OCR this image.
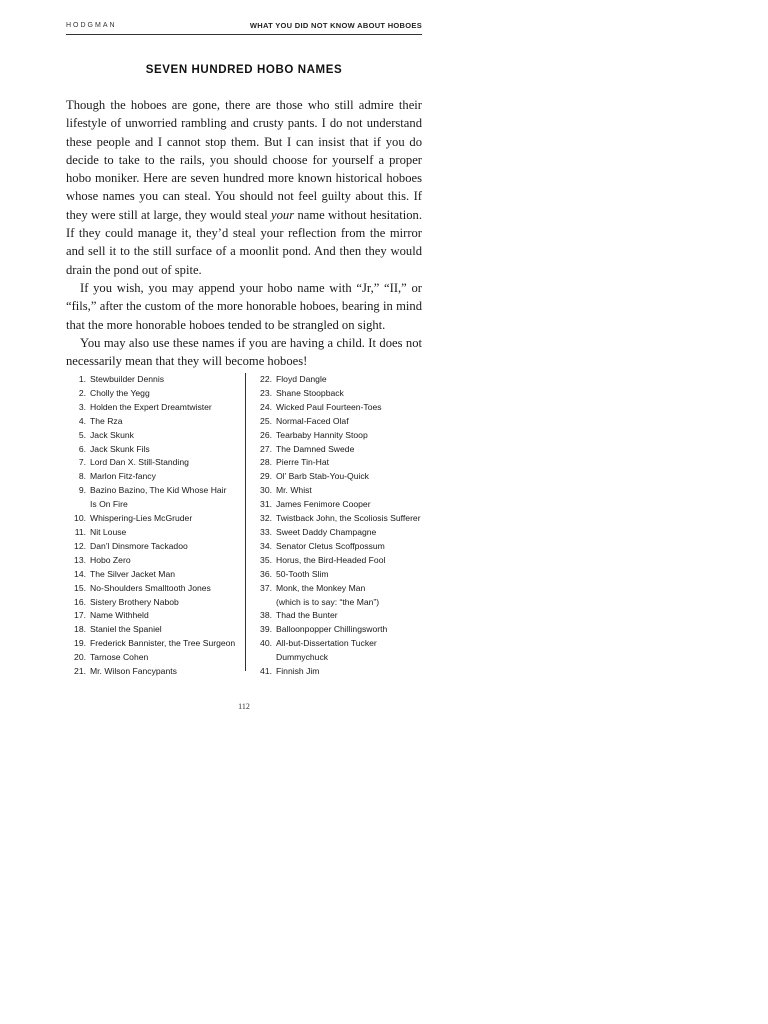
HODGMAN	WHAT YOU DID NOT KNOW ABOUT HOBOES
SEVEN HUNDRED HOBO NAMES

Though the hoboes are gone, there are those who still admire their lifestyle of unworried rambling and crusty pants. I do not understand these people and I cannot stop them. But I can insist that if you do decide to take to the rails, you should choose for yourself a proper hobo moniker. Here are seven hundred more known historical hoboes whose names you can steal. You should not feel guilty about this. If they were still at large, they would steal your name without hesitation. If they could manage it, they’d steal your reflection from the mirror and sell it to the still surface of a moonlit pond. And then they would drain the pond out of spite.

If you wish, you may append your hobo name with “Jr,” “II,” or “fils,” after the custom of the more honorable hoboes, bearing in mind that the more honorable hoboes tended to be strangled on sight.

You may also use these names if you are having a child. It does not necessarily mean that they will become hoboes!

1. Stewbuilder Dennis
2. Cholly the Yegg
3. Holden the Expert Dreamtwister
4. The Rza
5. Jack Skunk
6. Jack Skunk Fils
7. Lord Dan X. Still-Standing
8. Marlon Fitz-fancy
9. Bazino Bazino, The Kid Whose Hair
Is On Fire
10. Whispering-Lies McGruder
11. Nit Louse
12. Dan’l Dinsmore Tackadoo
13. Hobo Zero
14. The Silver Jacket Man
15. No-Shoulders Smalltooth Jones
16. Sistery Brothery Nabob
17. Name Withheld
18. Staniel the Spaniel
19. Frederick Bannister, the Tree Surgeon
20. Tarnose Cohen
21. Mr. Wilson Fancypants
22. Floyd Dangle
23. Shane Stoopback
24. Wicked Paul Fourteen-Toes
25. Normal-Faced Olaf
26. Tearbaby Hannity Stoop
27. The Damned Swede
28. Pierre Tin-Hat
29. Ol’ Barb Stab-You-Quick
30. Mr. Whist
31. James Fenimore Cooper
32. Twistback John, the Scoliosis Sufferer
33. Sweet Daddy Champagne
34. Senator Cletus Scoffpossum
35. Horus, the Bird-Headed Fool
36. 50-Tooth Slim
37. Monk, the Monkey Man
(which is to say: “the Man”)
38. Thad the Bunter
39. Balloonpopper Chillingsworth
40. All-but-Dissertation Tucker
Dummychuck
41. Finnish Jim
112
